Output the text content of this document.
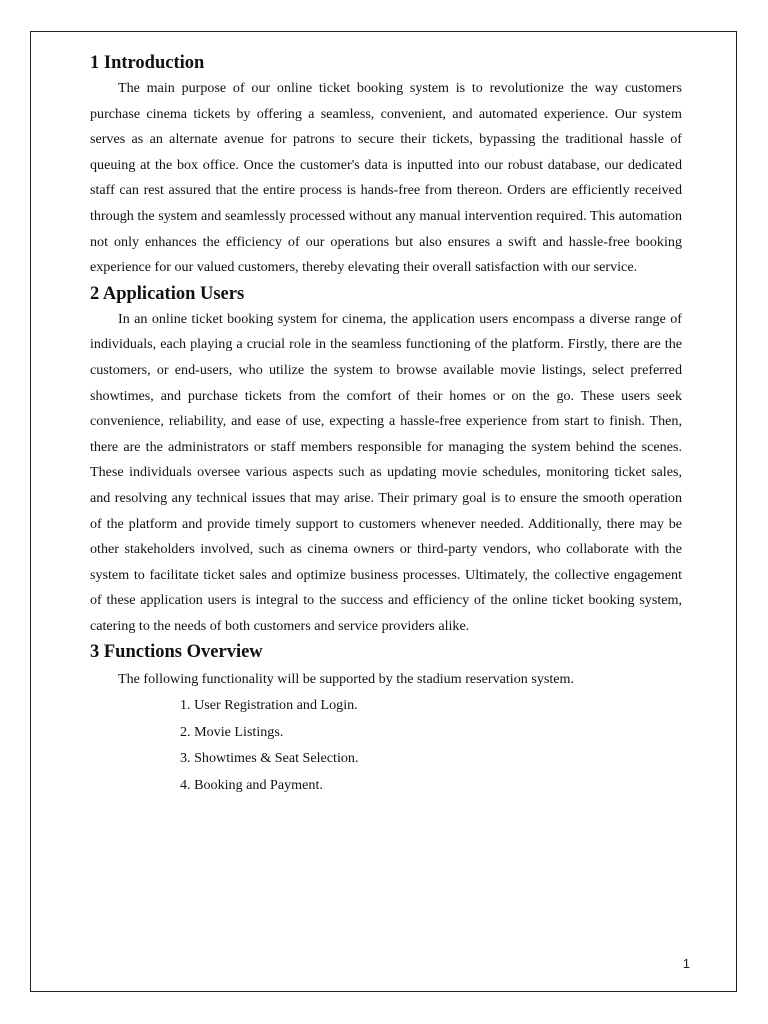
1 Introduction

The main purpose of our online ticket booking system is to revolutionize the way customers purchase cinema tickets by offering a seamless, convenient, and automated experience. Our system serves as an alternate avenue for patrons to secure their tickets, bypassing the traditional hassle of queuing at the box office. Once the customer's data is inputted into our robust database, our dedicated staff can rest assured that the entire process is hands-free from thereon. Orders are efficiently received through the system and seamlessly processed without any manual intervention required. This automation not only enhances the efficiency of our operations but also ensures a swift and hassle-free booking experience for our valued customers, thereby elevating their overall satisfaction with our service.

2 Application Users

In an online ticket booking system for cinema, the application users encompass a diverse range of individuals, each playing a crucial role in the seamless functioning of the platform. Firstly, there are the customers, or end-users, who utilize the system to browse available movie listings, select preferred showtimes, and purchase tickets from the comfort of their homes or on the go. These users seek convenience, reliability, and ease of use, expecting a hassle-free experience from start to finish. Then, there are the administrators or staff members responsible for managing the system behind the scenes. These individuals oversee various aspects such as updating movie schedules, monitoring ticket sales, and resolving any technical issues that may arise. Their primary goal is to ensure the smooth operation of the platform and provide timely support to customers whenever needed. Additionally, there may be other stakeholders involved, such as cinema owners or third-party vendors, who collaborate with the system to facilitate ticket sales and optimize business processes. Ultimately, the collective engagement of these application users is integral to the success and efficiency of the online ticket booking system, catering to the needs of both customers and service providers alike.

3 Functions Overview

The following functionality will be supported by the stadium reservation system.

1. User Registration and Login.
2. Movie Listings.
3. Showtimes & Seat Selection.
4. Booking and Payment.
1
